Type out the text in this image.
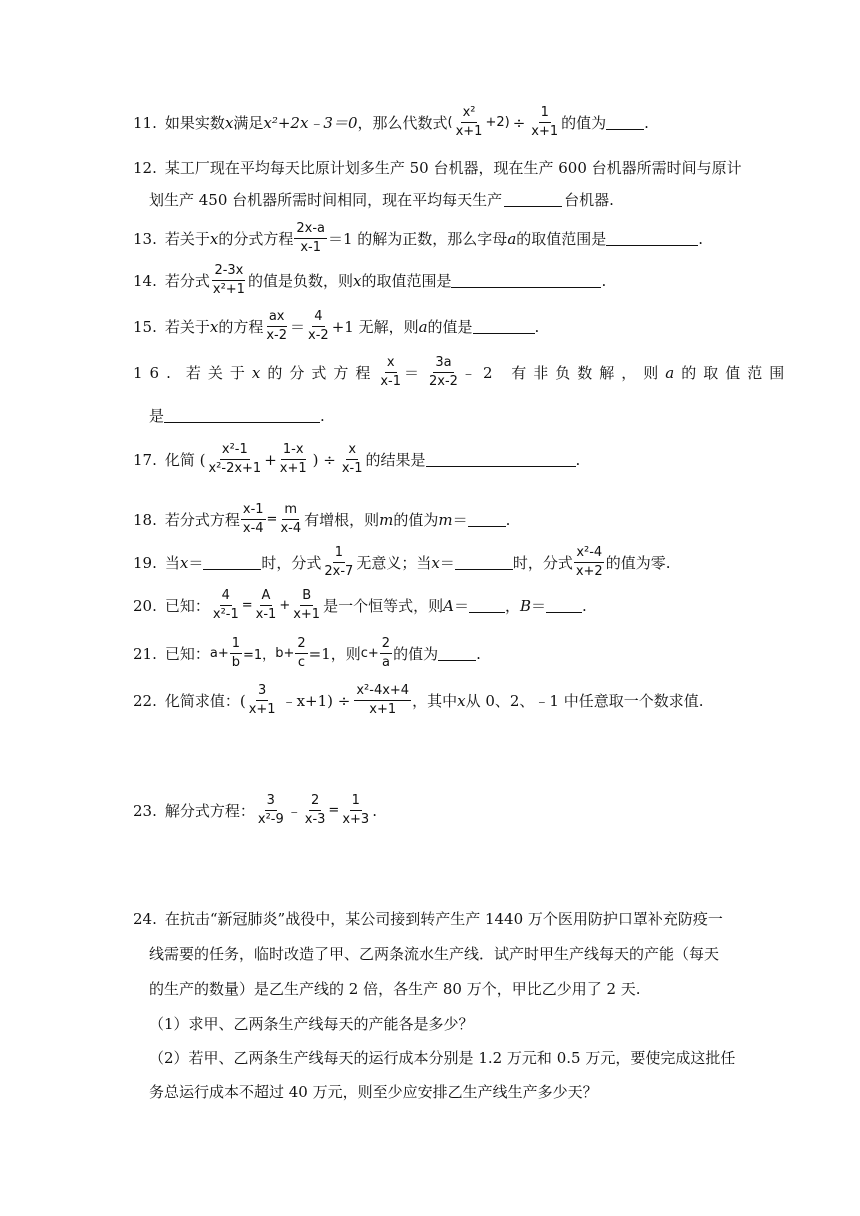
11. 如果实数 x 满足 x²+2x﹣3＝0 ，那么代数式 ( $\frac{\text{x²}}{x+1} +2) \div \frac{1}{x+1}$ 的值为	.
12. 某工厂现在平均每天比原计划多生产 50 台机器，现在生产 600 台机器所需时间与原计
划生产 450 台机器所需时间相同，现在平均每天生产	台机器.
13. 若关于 x 的分式方程 $\frac{2x-a}{x-1} =1$ 的解为正数，那么字母 a 的取值范围是	.
14. 若分式 $\frac{2-3x}{\text{x²+1}}$ 的值是负数，则 x 的取值范围是	.
15. 若关于 x 的方程 $\frac{ax}{x-2} = \frac{4}{x-2} +1$ 无解，则 a 的值是	.
16. 若关于 x 的分式方程 $\frac{x}{x-1} = \frac{3a}{2x-2}$ ﹣2 有非负数解，则 a 的取值范围
是	.
17. 化简 ( $\frac{\text{x²-1}}{\text{x²-2x+1}} + \frac{1-x}{x+1}$ ) ÷ $\frac{x}{x-1}$ 的结果是	.
18. 若分式方程 $\frac{x-1}{x-4} = \frac{m}{x-4}$ 有增根，则 m 的值为 m ＝	.
19. 当 x ＝	时，分式 $\frac{1}{2x-7}$ 无意义；当 x ＝	时，分式 $\frac{\text{x²-4}}{x+2}$ 的值为零.
20. 已知： $\frac{4}{\text{x²-1}} = \frac{A}{x-1} + \frac{B}{x+1}$ 是一个恒等式，则 A ＝ ， B ＝ .
21. 已知： $a+ \frac{1}{b} =1$， $b+ \frac{2}{c} =1$，则 $c+ \frac{2}{a}$ 的值为	.
22. 化简求值：( $\frac{3}{x+1}$ ﹣x+1) ÷ $\frac{\text{x²-4x+4}}{x+1}$ ，其中 x 从 0、2、﹣1 中任意取一个数求值.
23. 解分式方程： $\frac{3}{\text{x²-9}}$ ﹣ $\frac{2}{x-3} = \frac{1}{x+3}$ .
24. 在抗击“新冠肺炎”战役中，某公司接到转产生产 1440 万个医用防护口罩补充防疫一
线需要的任务，临时改造了甲、乙两条流水生产线．试产时甲生产线每天的产能（每天
的生产的数量）是乙生产线的 2 倍，各生产 80 万个，甲比乙少用了 2 天.
（1）求甲、乙两条生产线每天的产能各是多少？
（2）若甲、乙两条生产线每天的运行成本分别是 1.2 万元和 0.5 万元，要使完成这批任
务总运行成本不超过 40 万元，则至少应安排乙生产线生产多少天？
